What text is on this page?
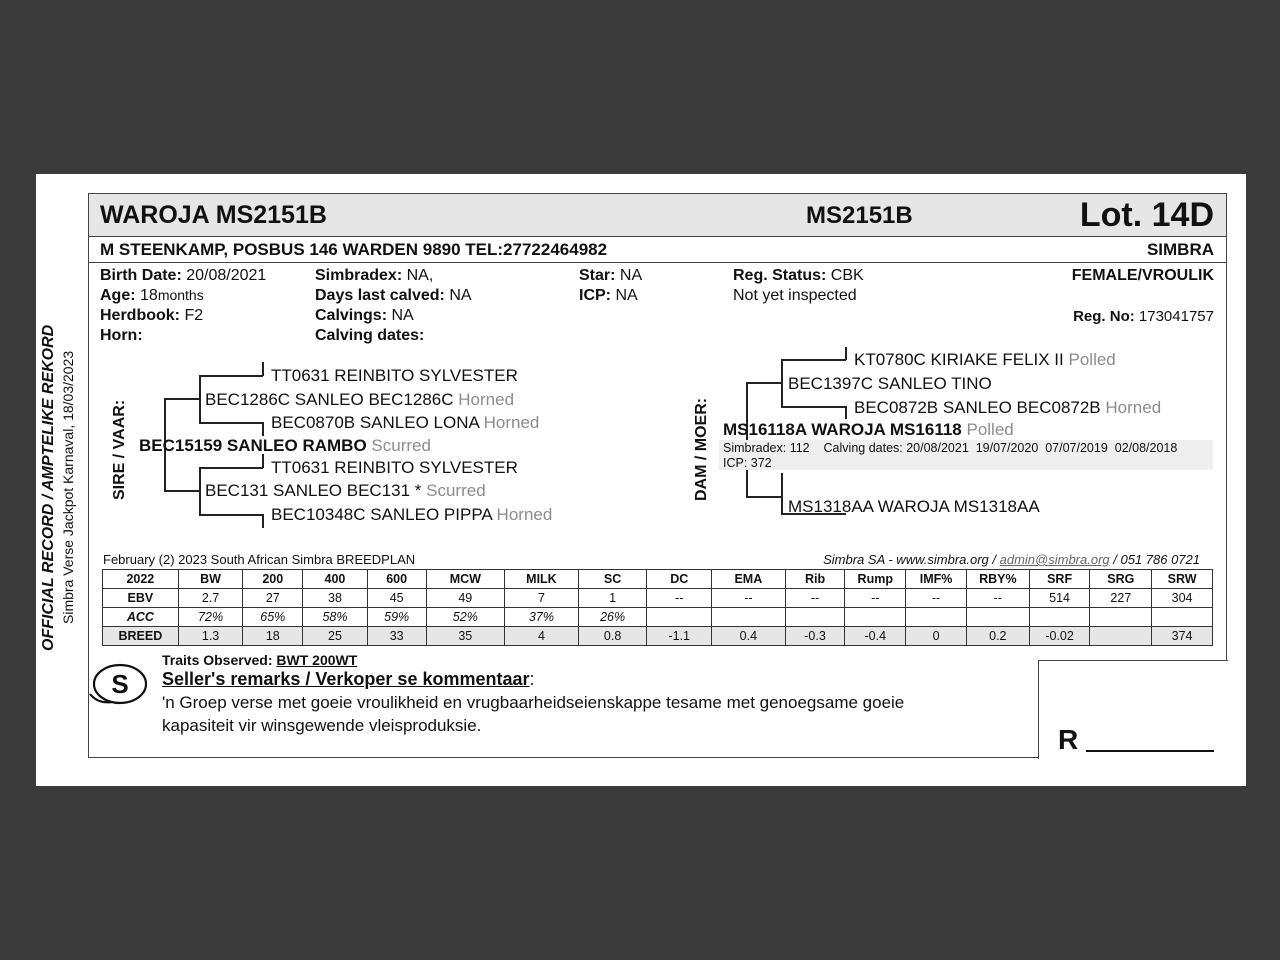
WAROJA MS2151B	MS2151B	Lot. 14D
M STEENKAMP, POSBUS 146 WARDEN 9890 TEL:27722464982	SIMBRA
OFFICIAL RECORD / AMPTELIKE REKORD Simbra Verse Jackpot Karnaval, 18/03/2023
Birth Date: 20/08/2021
Age: 18months
Herdbook: F2
Horn:
Simbradex: NA,
Days last calved: NA
Calvings: NA
Calving dates:
Star: NA
ICP: NA
Reg. Status: CBK
Not yet inspected
FEMALE/VROULIK
Reg. No: 173041757
SIRE / VAAR:
TT0631 REINBITO SYLVESTER
BEC1286C SANLEO BEC1286C Horned
BEC0870B SANLEO LONA Horned
BEC15159 SANLEO RAMBO Scurred
TT0631 REINBITO SYLVESTER
BEC131 SANLEO BEC131 * Scurred
BEC10348C SANLEO PIPPA Horned
DAM / MOER:
KT0780C KIRIAKE FELIX II Polled
BEC1397C SANLEO TINO
BEC0872B SANLEO BEC0872B Horned
MS16118A WAROJA MS16118 Polled
Simbradex: 112 Calving dates: 20/08/2021  19/07/2020  07/07/2019  02/08/2018
ICP: 372
MS1318AA WAROJA MS1318AA
February (2) 2023 South African Simbra BREEDPLAN	Simbra SA - www.simbra.org / admin@simbra.org / 051 786 0721
2022	BW	200	400	600	MCW	MILK	SC	DC	EMA	Rib	Rump	IMF%	RBY%	SRF	SRG	SRW
EBV	2.7	27	38	45	49	7	1	--	--	--	--	--	--	514	227	304
ACC	72%	65%	58%	59%	52%	37%	26%									
BREED	1.3	18	25	33	35	4	0.8	-1.1	0.4	-0.3	-0.4	0	0.2	-0.02		374
S
Traits Observed: BWT 200WT
Seller's remarks / Verkoper se kommentaar:
'n Groep verse met goeie vroulikheid en vrugbaarheidseienskappe tesame met genoegsame goeie
kapasiteit vir winsgewende vleisproduksie.	R
